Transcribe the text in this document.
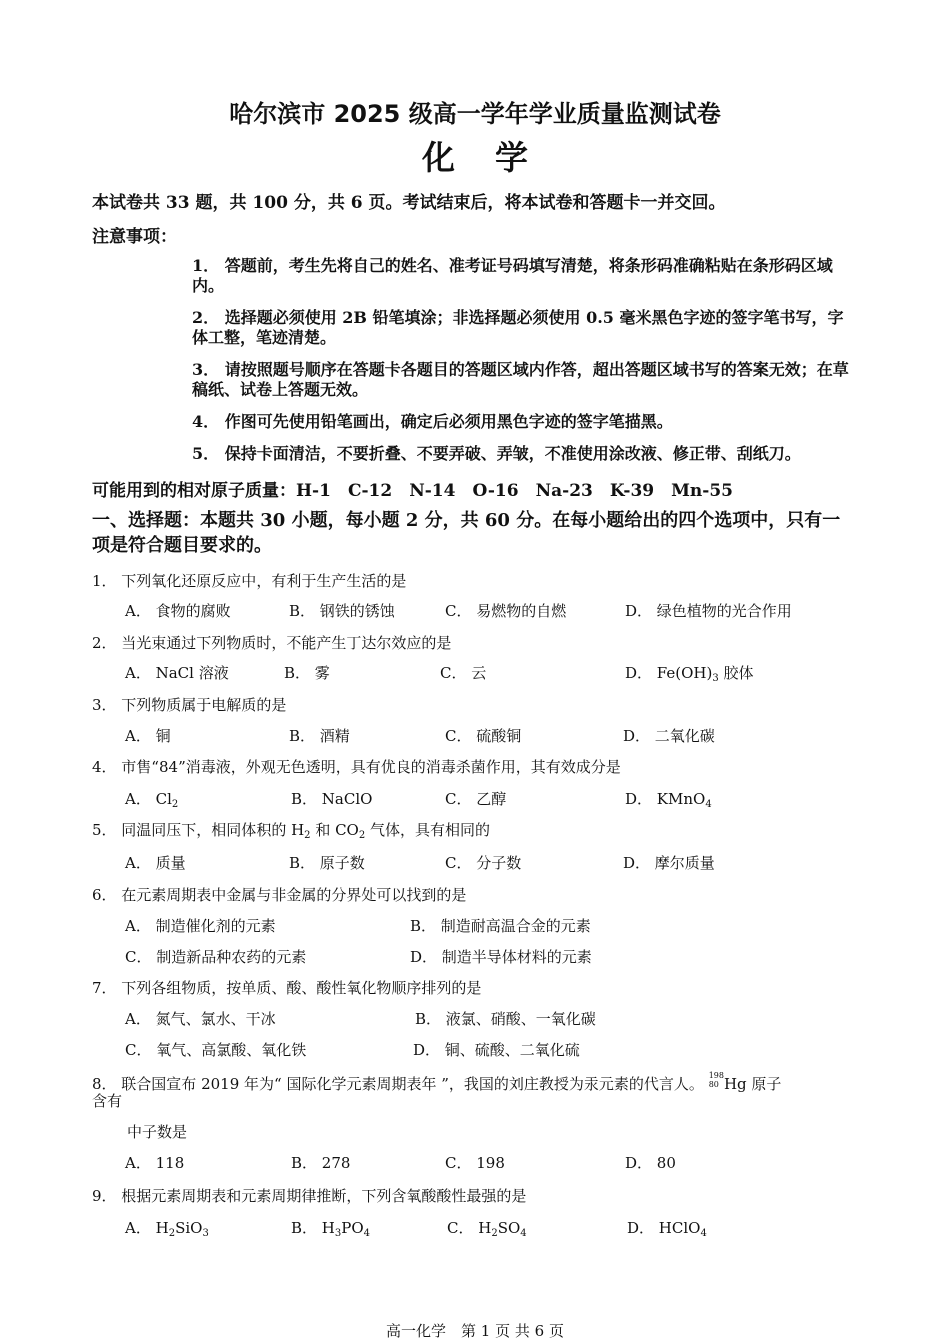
哈尔滨市 2025 级高一学年学业质量监测试卷
化学
本试卷共 33 题，共 100 分，共 6 页。考试结束后，将本试卷和答题卡一并交回。
注意事项：
1． 答题前，考生先将自己的姓名、准考证号码填写清楚，将条形码准确粘贴在条形码区域内。
2． 选择题必须使用 2B 铅笔填涂；非选择题必须使用 0.5 毫米黑色字迹的签字笔书写，字体工整，笔迹清楚。
3． 请按照题号顺序在答题卡各题目的答题区域内作答，超出答题区域书写的答案无效；在草稿纸、试卷上答题无效。
4． 作图可先使用铅笔画出，确定后必须用黑色字迹的签字笔描黑。
5． 保持卡面清洁，不要折叠、不要弄破、弄皱，不准使用涂改液、修正带、刮纸刀。
可能用到的相对原子质量：H-1　C-12　N-14　O-16　Na-23　K-39　Mn-55
一、选择题：本题共 30 小题，每小题 2 分，共 60 分。在每小题给出的四个选项中，只有一项是符合题目要求的。
1． 下列氧化还原反应中，有利于生产生活的是
A． 食物的腐败	B． 钢铁的锈蚀	C． 易燃物的自燃	D． 绿色植物的光合作用
2． 当光束通过下列物质时，不能产生丁达尔效应的是
A． NaCl 溶液	B． 雾	C． 云	D． $Fe(OH)_3$ 胶体
3． 下列物质属于电解质的是
A． 铜	B． 酒精	C． 硫酸铜	D． 二氧化碳
4． 市售“84”消毒液，外观无色透明，具有优良的消毒杀菌作用，其有效成分是
A． $Cl_2$	B． NaClO	C． 乙醇	D． KMnO$_4$
5． 同温同压下，相同体积的 $H_2$ 和 $CO_2$ 气体，具有相同的
A． 质量	B． 原子数	C． 分子数	D． 摩尔质量
6． 在元素周期表中金属与非金属的分界处可以找到的是
A． 制造催化剂的元素	B． 制造耐高温合金的元素
C． 制造新品种农药的元素	D． 制造半导体材料的元素
7． 下列各组物质，按单质、酸、酸性氧化物顺序排列的是
A． 氮气、氯水、干冰	B． 液氯、硝酸、一氧化碳
C． 氧气、高氯酸、氧化铁	D． 铜、硫酸、二氧化硫
8． 联合国宣布 2019 年为“ 国际化学元素周期表年 ”，我国的刘庄教授为汞元素的代言人。 198
80 Hg 原子
含有
中子数是
A． 118	B． 278	C． 198	D． 80
9． 根据元素周期表和元素周期律推断，下列含氧酸酸性最强的是
A． $H_2SiO_3$	B． $H_3PO_4$	C． $H_2SO_4$	D． HClO$_4$
高一化学　第 1 页 共 6 页
